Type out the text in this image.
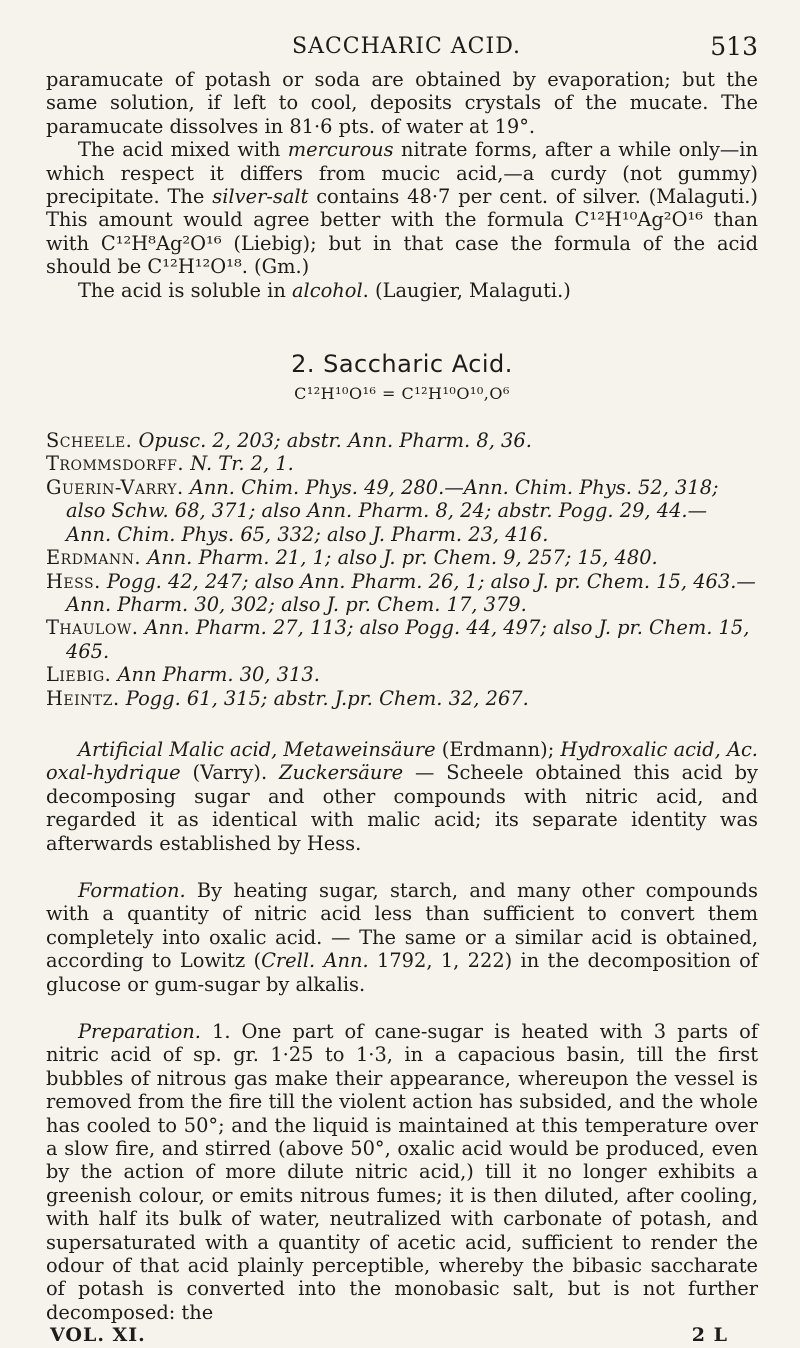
SACCHARIC ACID.	513

paramucate of potash or soda are obtained by evaporation; but the same solution, if left to cool, deposits crystals of the mucate. The paramucate dissolves in 81·6 pts. of water at 19°.

The acid mixed with mercurous nitrate forms, after a while only—in which respect it differs from mucic acid,—a curdy (not gummy) precipitate. The silver-salt contains 48·7 per cent. of silver. (Malaguti.) This amount would agree better with the formula C¹²H¹⁰Ag²O¹⁶ than with C¹²H⁸Ag²O¹⁶ (Liebig); but in that case the formula of the acid should be C¹²H¹²O¹⁸. (Gm.)

The acid is soluble in alcohol. (Laugier, Malaguti.)

2. Saccharic Acid.
C¹²H¹⁰O¹⁶ = C¹²H¹⁰O¹⁰,O⁶
Scheele. Opusc. 2, 203; abstr. Ann. Pharm. 8, 36.
Trommsdorff. N. Tr. 2, 1.
Guerin-Varry. Ann. Chim. Phys. 49, 280.—Ann. Chim. Phys. 52, 318; also Schw. 68, 371; also Ann. Pharm. 8, 24; abstr. Pogg. 29, 44.— Ann. Chim. Phys. 65, 332; also J. Pharm. 23, 416.
Erdmann. Ann. Pharm. 21, 1; also J. pr. Chem. 9, 257; 15, 480.
Hess. Pogg. 42, 247; also Ann. Pharm. 26, 1; also J. pr. Chem. 15, 463.— Ann. Pharm. 30, 302; also J. pr. Chem. 17, 379.
Thaulow. Ann. Pharm. 27, 113; also Pogg. 44, 497; also J. pr. Chem. 15, 465.
Liebig. Ann Pharm. 30, 313.
Heintz. Pogg. 61, 315; abstr. J.pr. Chem. 32, 267.

Artificial Malic acid, Metaweinsäure (Erdmann); Hydroxalic acid, Ac. oxal-hydrique (Varry). Zuckersäure — Scheele obtained this acid by decomposing sugar and other compounds with nitric acid, and regarded it as identical with malic acid; its separate identity was afterwards established by Hess.

Formation. By heating sugar, starch, and many other compounds with a quantity of nitric acid less than sufficient to convert them completely into oxalic acid. — The same or a similar acid is obtained, according to Lowitz (Crell. Ann. 1792, 1, 222) in the decomposition of glucose or gum-sugar by alkalis.

Preparation. 1. One part of cane-sugar is heated with 3 parts of nitric acid of sp. gr. 1·25 to 1·3, in a capacious basin, till the first bubbles of nitrous gas make their appearance, whereupon the vessel is removed from the fire till the violent action has subsided, and the whole has cooled to 50°; and the liquid is maintained at this temperature over a slow fire, and stirred (above 50°, oxalic acid would be produced, even by the action of more dilute nitric acid,) till it no longer exhibits a greenish colour, or emits nitrous fumes; it is then diluted, after cooling, with half its bulk of water, neutralized with carbonate of potash, and supersaturated with a quantity of acetic acid, sufficient to render the odour of that acid plainly perceptible, whereby the bibasic saccharate of potash is converted into the monobasic salt, but is not further decomposed: the

VOL. XI.	2 L
